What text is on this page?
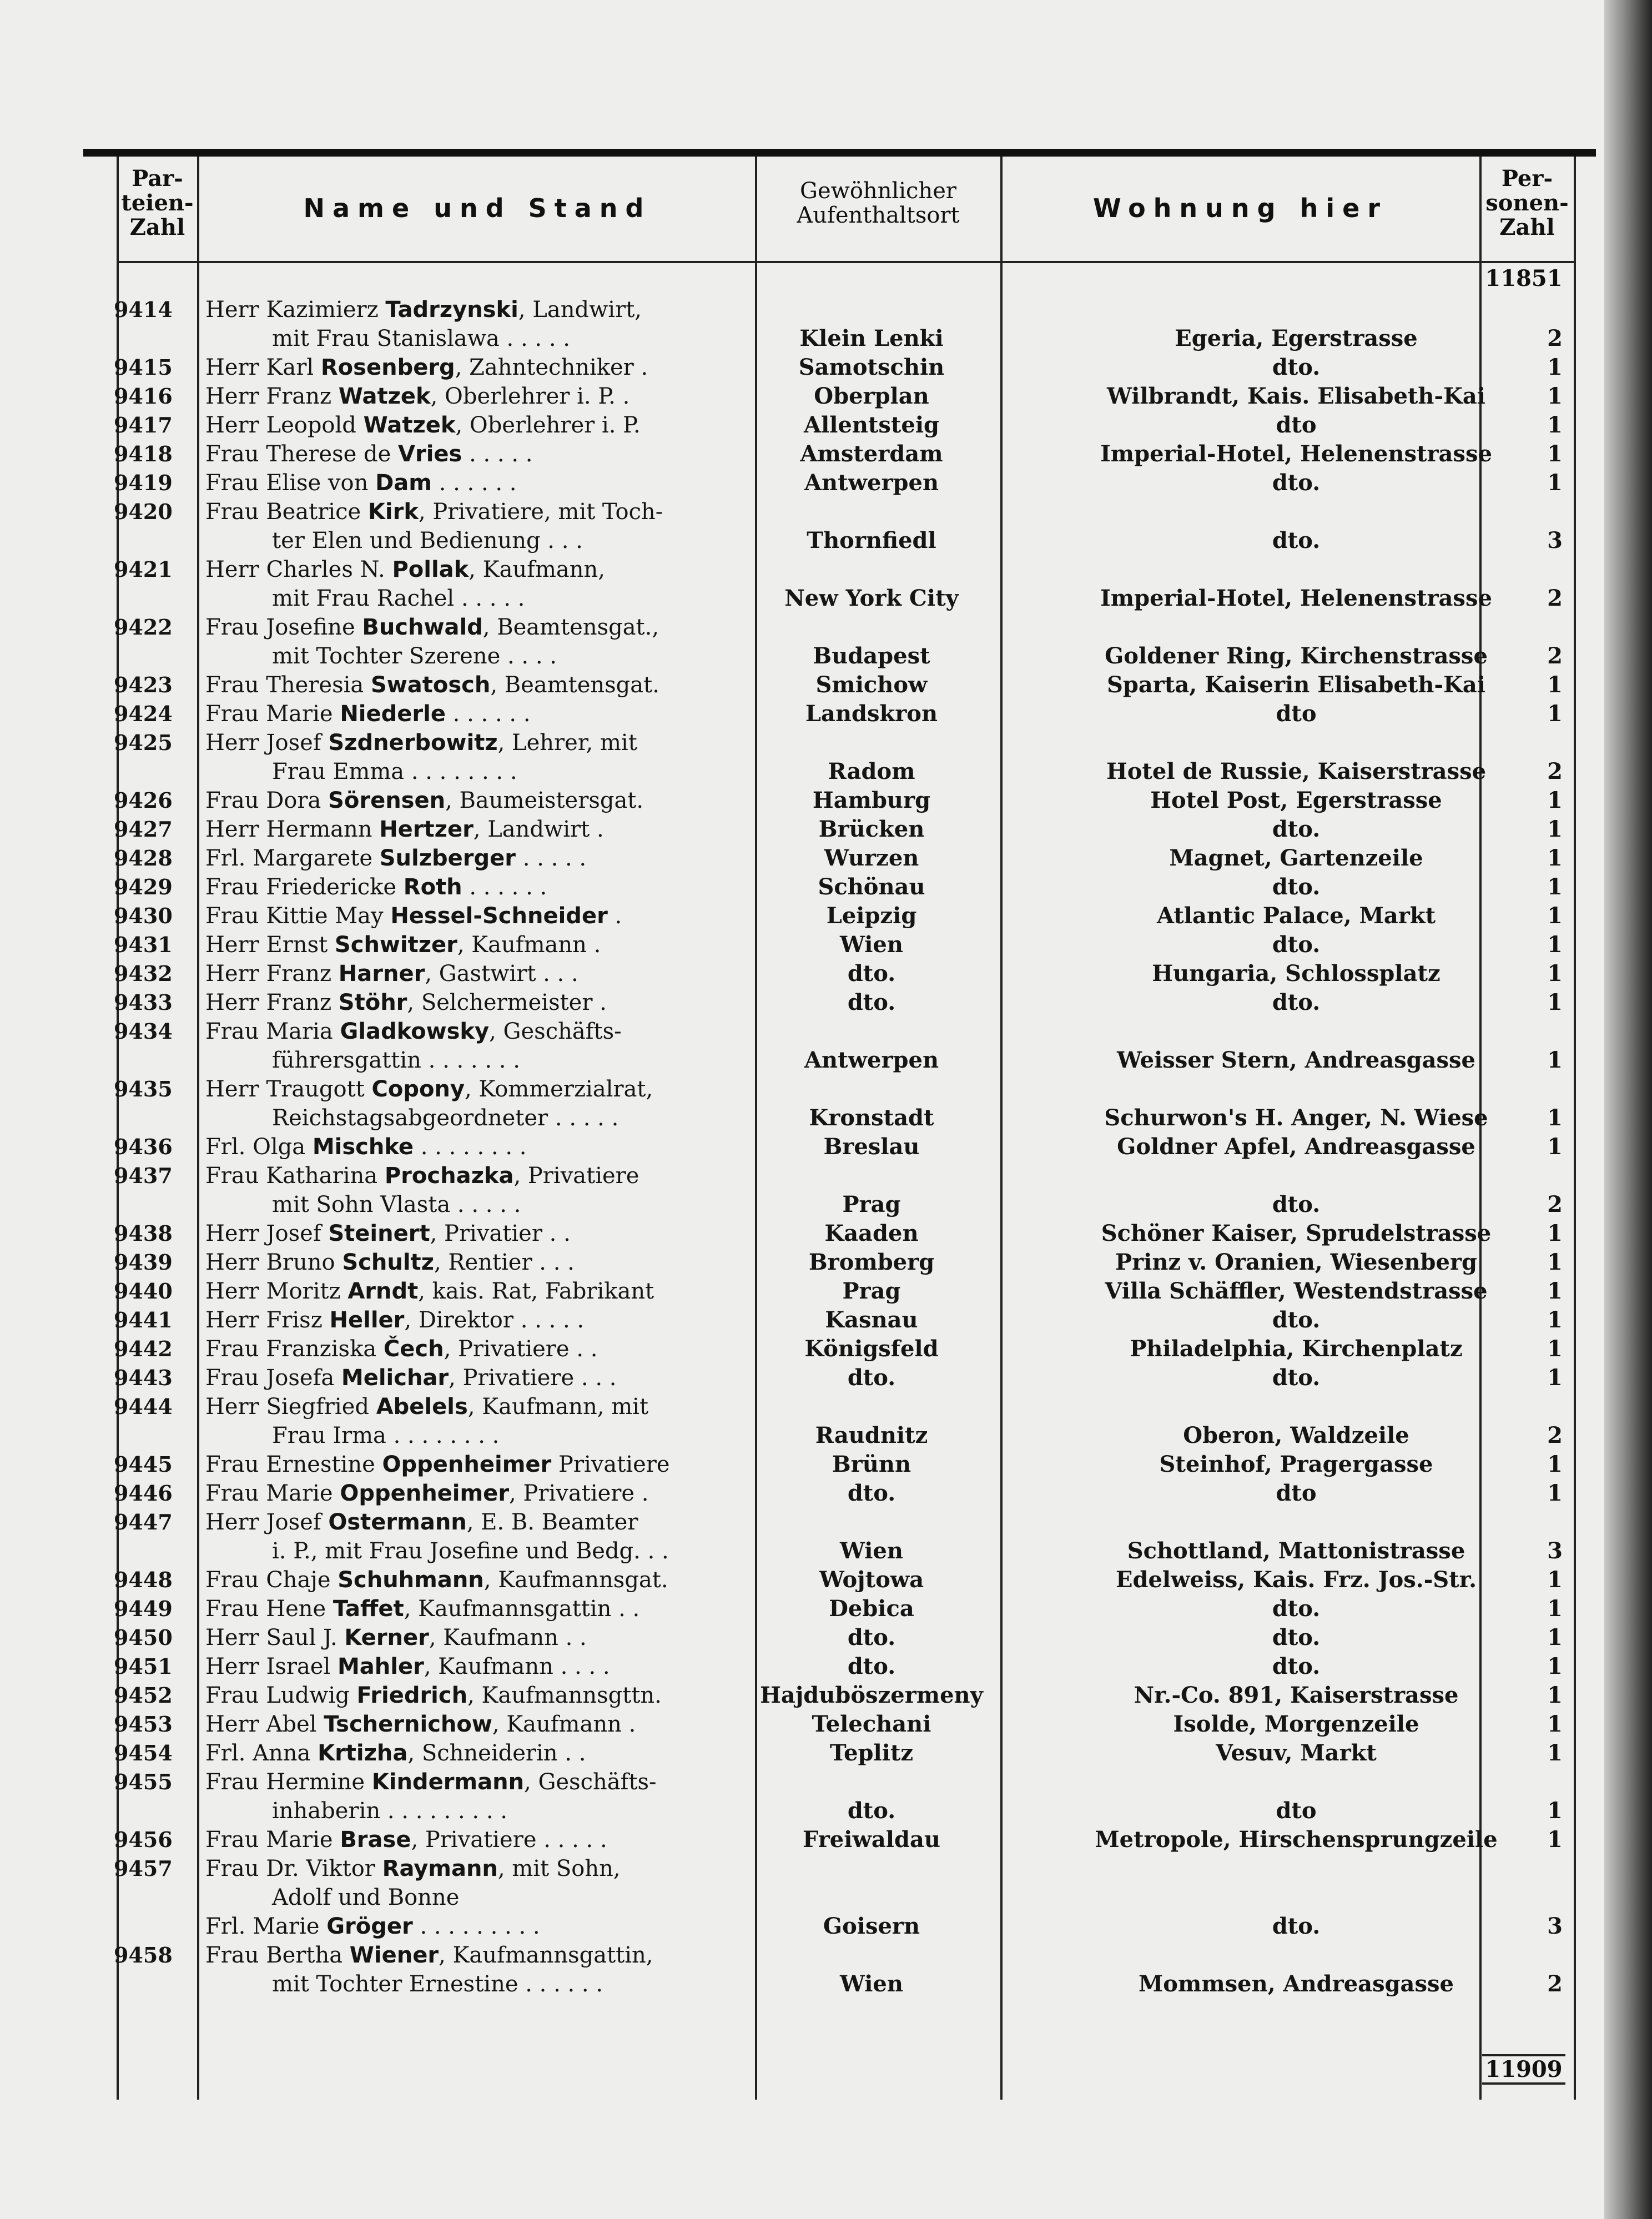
Par-
teien-
Zahl
Name und Stand
Gewöhnlicher
Aufenthaltsort	Wohnung hier
Per-
sonen-
Zahl
11851
11909
9414	Herr Kazimierz Tadrzynski, Landwirt,
mit Frau Stanislawa . . . . .	Klein Lenki	Egeria, Egerstrasse	2
9415	Herr Karl Rosenberg, Zahntechniker .	Samotschin	dto.	1
9416	Herr Franz Watzek, Oberlehrer i. P. .	Oberplan	Wilbrandt, Kais. Elisabeth-Kai	1
9417	Herr Leopold Watzek, Oberlehrer i. P.	Allentsteig	dto	1
9418	Frau Therese de Vries . . . . .	Amsterdam	Imperial-Hotel, Helenenstrasse	1
9419	Frau Elise von Dam . . . . . .	Antwerpen	dto.	1
9420	Frau Beatrice Kirk, Privatiere, mit Toch-
ter Elen und Bedienung . . .	Thornfiedl	dto.	3
9421	Herr Charles N. Pollak, Kaufmann,
mit Frau Rachel . . . . .	New York City	Imperial-Hotel, Helenenstrasse	2
9422	Frau Josefine Buchwald, Beamtensgat.,
mit Tochter Szerene . . . .	Budapest	Goldener Ring, Kirchenstrasse	2
9423	Frau Theresia Swatosch, Beamtensgat.	Smichow	Sparta, Kaiserin Elisabeth-Kai	1
9424	Frau Marie Niederle . . . . . .	Landskron	dto	1
9425	Herr Josef Szdnerbowitz, Lehrer, mit
Frau Emma . . . . . . . .	Radom	Hotel de Russie, Kaiserstrasse	2
9426	Frau Dora Sörensen, Baumeistersgat.	Hamburg	Hotel Post, Egerstrasse	1
9427	Herr Hermann Hertzer, Landwirt .	Brücken	dto.	1
9428	Frl. Margarete Sulzberger . . . . .	Wurzen	Magnet, Gartenzeile	1
9429	Frau Friedericke Roth . . . . . .	Schönau	dto.	1
9430	Frau Kittie May Hessel-Schneider .	Leipzig	Atlantic Palace, Markt	1
9431	Herr Ernst Schwitzer, Kaufmann .	Wien	dto.	1
9432	Herr Franz Harner, Gastwirt . . .	dto.	Hungaria, Schlossplatz	1
9433	Herr Franz Stöhr, Selchermeister .	dto.	dto.	1
9434	Frau Maria Gladkowsky, Geschäfts-
führersgattin . . . . . . .	Antwerpen	Weisser Stern, Andreasgasse	1
9435	Herr Traugott Copony, Kommerzialrat,
Reichstagsabgeordneter . . . . .	Kronstadt	Schurwon's H. Anger, N. Wiese	1
9436	Frl. Olga Mischke . . . . . . . .	Breslau	Goldner Apfel, Andreasgasse	1
9437	Frau Katharina Prochazka, Privatiere
mit Sohn Vlasta . . . . .	Prag	dto.	2
9438	Herr Josef Steinert, Privatier . .	Kaaden	Schöner Kaiser, Sprudelstrasse	1
9439	Herr Bruno Schultz, Rentier . . .	Bromberg	Prinz v. Oranien, Wiesenberg	1
9440	Herr Moritz Arndt, kais. Rat, Fabrikant	Prag	Villa Schäffler, Westendstrasse	1
9441	Herr Frisz Heller, Direktor . . . . .	Kasnau	dto.	1
9442	Frau Franziska Čech, Privatiere . .	Königsfeld	Philadelphia, Kirchenplatz	1
9443	Frau Josefa Melichar, Privatiere . . .	dto.	dto.	1
9444	Herr Siegfried Abelels, Kaufmann, mit
Frau Irma . . . . . . . .	Raudnitz	Oberon, Waldzeile	2
9445	Frau Ernestine Oppenheimer Privatiere	Brünn	Steinhof, Pragergasse	1
9446	Frau Marie Oppenheimer, Privatiere .	dto.	dto	1
9447	Herr Josef Ostermann, E. B. Beamter
i. P., mit Frau Josefine und Bedg. . .	Wien	Schottland, Mattonistrasse	3
9448	Frau Chaje Schuhmann, Kaufmannsgat.	Wojtowa	Edelweiss, Kais. Frz. Jos.-Str.	1
9449	Frau Hene Taffet, Kaufmannsgattin . .	Debica	dto.	1
9450	Herr Saul J. Kerner, Kaufmann . .	dto.	dto.	1
9451	Herr Israel Mahler, Kaufmann . . . .	dto.	dto.	1
9452	Frau Ludwig Friedrich, Kaufmannsgttn.	Hajduböszermeny	Nr.-Co. 891, Kaiserstrasse	1
9453	Herr Abel Tschernichow, Kaufmann .	Telechani	Isolde, Morgenzeile	1
9454	Frl. Anna Krtizha, Schneiderin . .	Teplitz	Vesuv, Markt	1
9455	Frau Hermine Kindermann, Geschäfts-
inhaberin . . . . . . . . .	dto.	dto	1
9456	Frau Marie Brase, Privatiere . . . . .	Freiwaldau	Metropole, Hirschensprungzeile	1
9457	Frau Dr. Viktor Raymann, mit Sohn,
Adolf und Bonne
Frl. Marie Gröger . . . . . . . . .	Goisern	dto.	3
9458	Frau Bertha Wiener, Kaufmannsgattin,
mit Tochter Ernestine . . . . . .	Wien	Mommsen, Andreasgasse	2
